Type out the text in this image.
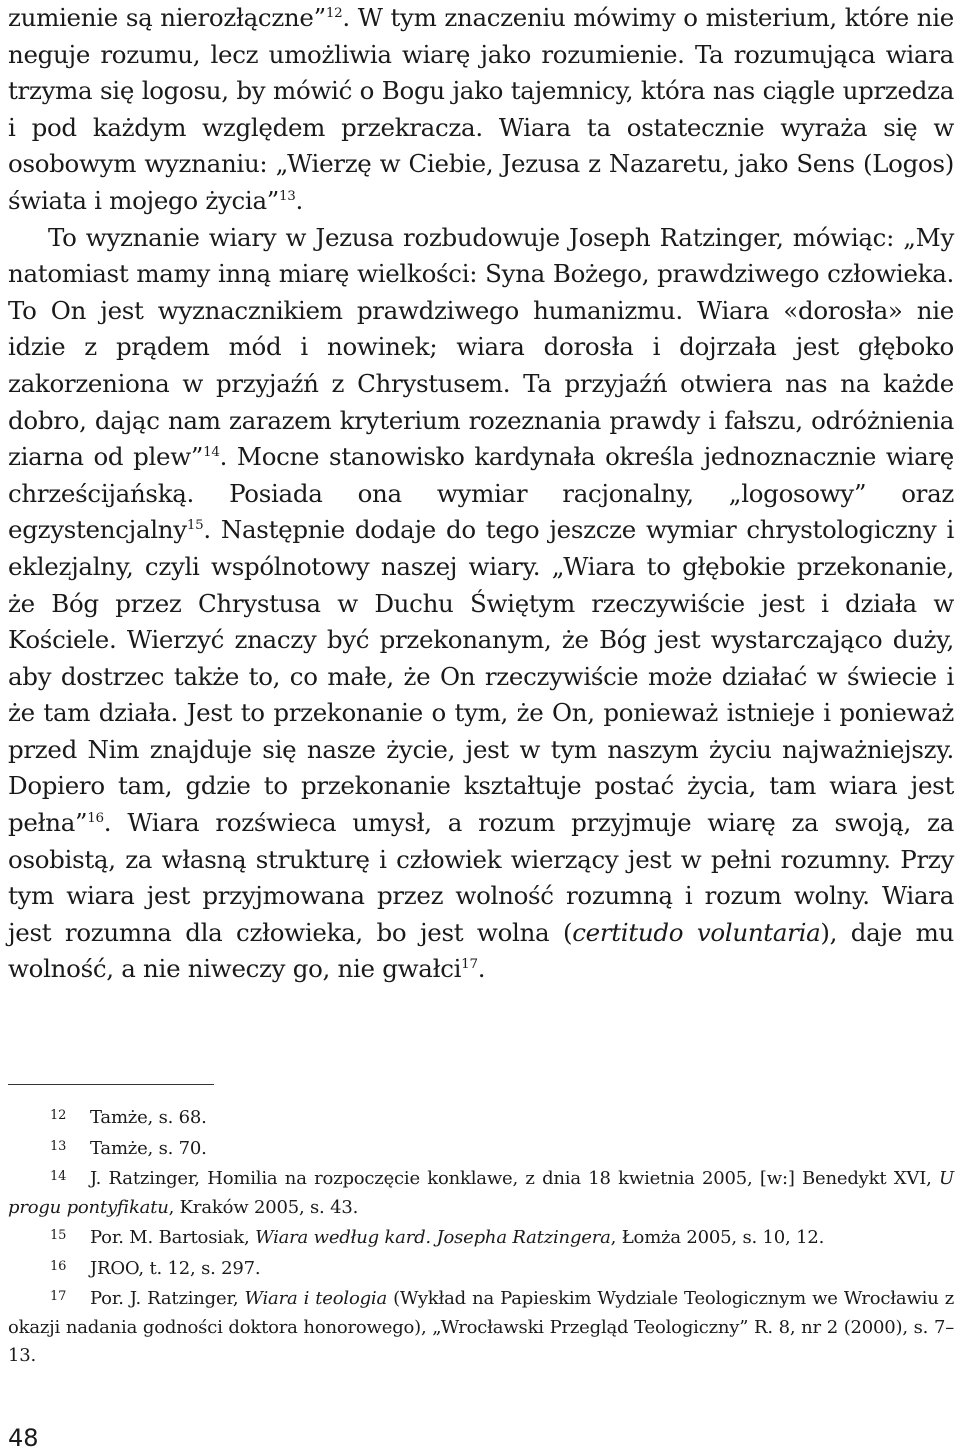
zumienie są nierozłączne”$^{12}$. W tym znaczeniu mówimy o misterium, które nie neguje rozumu, lecz umożliwia wiarę jako rozumienie. Ta rozumująca wiara trzyma się logosu, by mówić o Bogu jako tajemnicy, która nas ciągle uprzedza i pod każdym względem przekracza. Wiara ta ostatecznie wyraża się w osobowym wyznaniu: „Wierzę w Ciebie, Jezusa z Nazaretu, jako Sens (Logos) świata i mojego życia”$^{13}$.

To wyznanie wiary w Jezusa rozbudowuje Joseph Ratzinger, mówiąc: „My natomiast mamy inną miarę wielkości: Syna Bożego, prawdziwego człowieka. To On jest wyznacznikiem prawdziwego humanizmu. Wiara «dorosła» nie idzie z prądem mód i nowinek; wiara dorosła i dojrzała jest głęboko zakorzeniona w przyjaźń z Chrystusem. Ta przyjaźń otwiera nas na każde dobro, dając nam zarazem kryterium rozeznania prawdy i fałszu, odróżnienia ziarna od plew”$^{14}$. Mocne stanowisko kardynała określa jednoznacznie wiarę chrześcijańską. Posiada ona wymiar racjonalny, „logosowy” oraz egzystencjalny$^{15}$. Następnie dodaje do tego jeszcze wymiar chrystologiczny i eklezjalny, czyli wspólnotowy naszej wiary. „Wiara to głębokie przekonanie, że Bóg przez Chrystusa w Duchu Świętym rzeczywiście jest i działa w Kościele. Wierzyć znaczy być przekonanym, że Bóg jest wystarczająco duży, aby dostrzec także to, co małe, że On rzeczywiście może działać w świecie i że tam działa. Jest to przekonanie o tym, że On, ponieważ istnieje i ponieważ przed Nim znajduje się nasze życie, jest w tym naszym życiu najważniejszy. Dopiero tam, gdzie to przekonanie kształtuje postać życia, tam wiara jest pełna”$^{16}$. Wiara rozświeca umysł, a rozum przyjmuje wiarę za swoją, za osobistą, za własną strukturę i człowiek wierzący jest w pełni rozumny. Przy tym wiara jest przyjmowana przez wolność rozumną i rozum wolny. Wiara jest rozumna dla człowieka, bo jest wolna (certitudo voluntaria), daje mu wolność, a nie niweczy go, nie gwałci$^{17}$.

12 Tamże, s. 68.

13 Tamże, s. 70.

14 J. Ratzinger, Homilia na rozpoczęcie konklawe, z dnia 18 kwietnia 2005, [w:] Benedykt XVI, U progu pontyfikatu, Kraków 2005, s. 43.

15 Por. M. Bartosiak, Wiara według kard. Josepha Ratzingera, Łomża 2005, s. 10, 12.

16 JROO, t. 12, s. 297.

17 Por. J. Ratzinger, Wiara i teologia (Wykład na Papieskim Wydziale Teologicznym we Wrocławiu z okazji nadania godności doktora honorowego), „Wrocławski Przegląd Teologiczny” R. 8, nr 2 (2000), s. 7–13.

48
